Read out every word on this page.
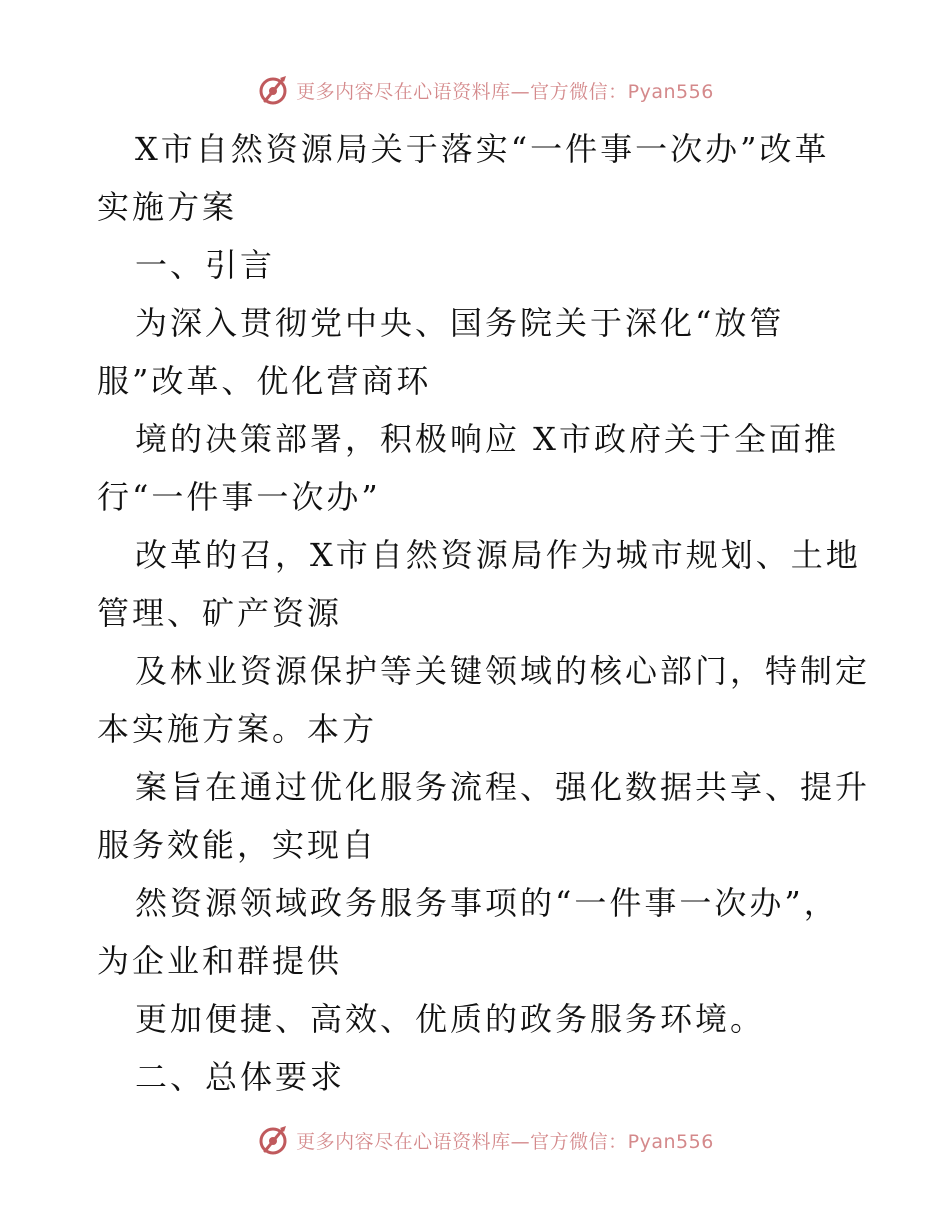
更多内容尽在心语资料库—官方微信：Pyan556
X市自然资源局关于落实“一件事一次办”改革
实施方案
一、引言
为深入贯彻党中央、国务院关于深化“放管
服”改革、优化营商环
境的决策部署，积极响应 X市政府关于全面推
行“一件事一次办”
改革的召，X市自然资源局作为城市规划、土地
管理、矿产资源
及林业资源保护等关键领域的核心部门，特制定
本实施方案。本方
案旨在通过优化服务流程、强化数据共享、提升
服务效能，实现自
然资源领域政务服务事项的“一件事一次办”，
为企业和群提供
更加便捷、高效、优质的政务服务环境。
二、总体要求
更多内容尽在心语资料库—官方微信：Pyan556
